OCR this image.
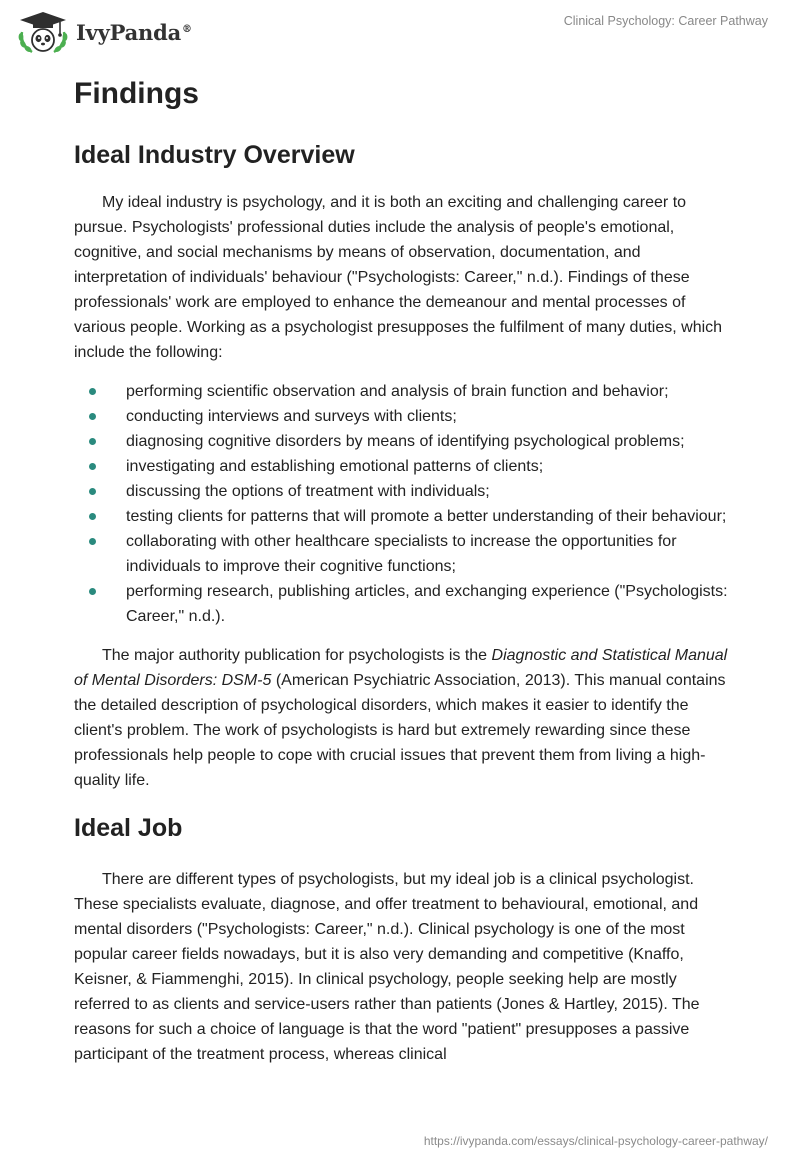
IvyPanda®
Clinical Psychology: Career Pathway
Findings
Ideal Industry Overview

My ideal industry is psychology, and it is both an exciting and challenging career to pursue. Psychologists' professional duties include the analysis of people's emotional, cognitive, and social mechanisms by means of observation, documentation, and interpretation of individuals' behaviour ("Psychologists: Career," n.d.). Findings of these professionals' work are employed to enhance the demeanour and mental processes of various people. Working as a psychologist presupposes the fulfilment of many duties, which include the following:

performing scientific observation and analysis of brain function and behavior;
conducting interviews and surveys with clients;
diagnosing cognitive disorders by means of identifying psychological problems;
investigating and establishing emotional patterns of clients;
discussing the options of treatment with individuals;
testing clients for patterns that will promote a better understanding of their behaviour;
collaborating with other healthcare specialists to increase the opportunities for individuals to improve their cognitive functions;
performing research, publishing articles, and exchanging experience ("Psychologists: Career," n.d.).

The major authority publication for psychologists is the Diagnostic and Statistical Manual of Mental Disorders: DSM-5 (American Psychiatric Association, 2013). This manual contains the detailed description of psychological disorders, which makes it easier to identify the client's problem. The work of psychologists is hard but extremely rewarding since these professionals help people to cope with crucial issues that prevent them from living a high-quality life.

Ideal Job

There are different types of psychologists, but my ideal job is a clinical psychologist. These specialists evaluate, diagnose, and offer treatment to behavioural, emotional, and mental disorders ("Psychologists: Career," n.d.). Clinical psychology is one of the most popular career fields nowadays, but it is also very demanding and competitive (Knaffo, Keisner, & Fiammenghi, 2015). In clinical psychology, people seeking help are mostly referred to as clients and service-users rather than patients (Jones & Hartley, 2015). The reasons for such a choice of language is that the word "patient" presupposes a passive participant of the treatment process, whereas clinical

https://ivypanda.com/essays/clinical-psychology-career-pathway/
